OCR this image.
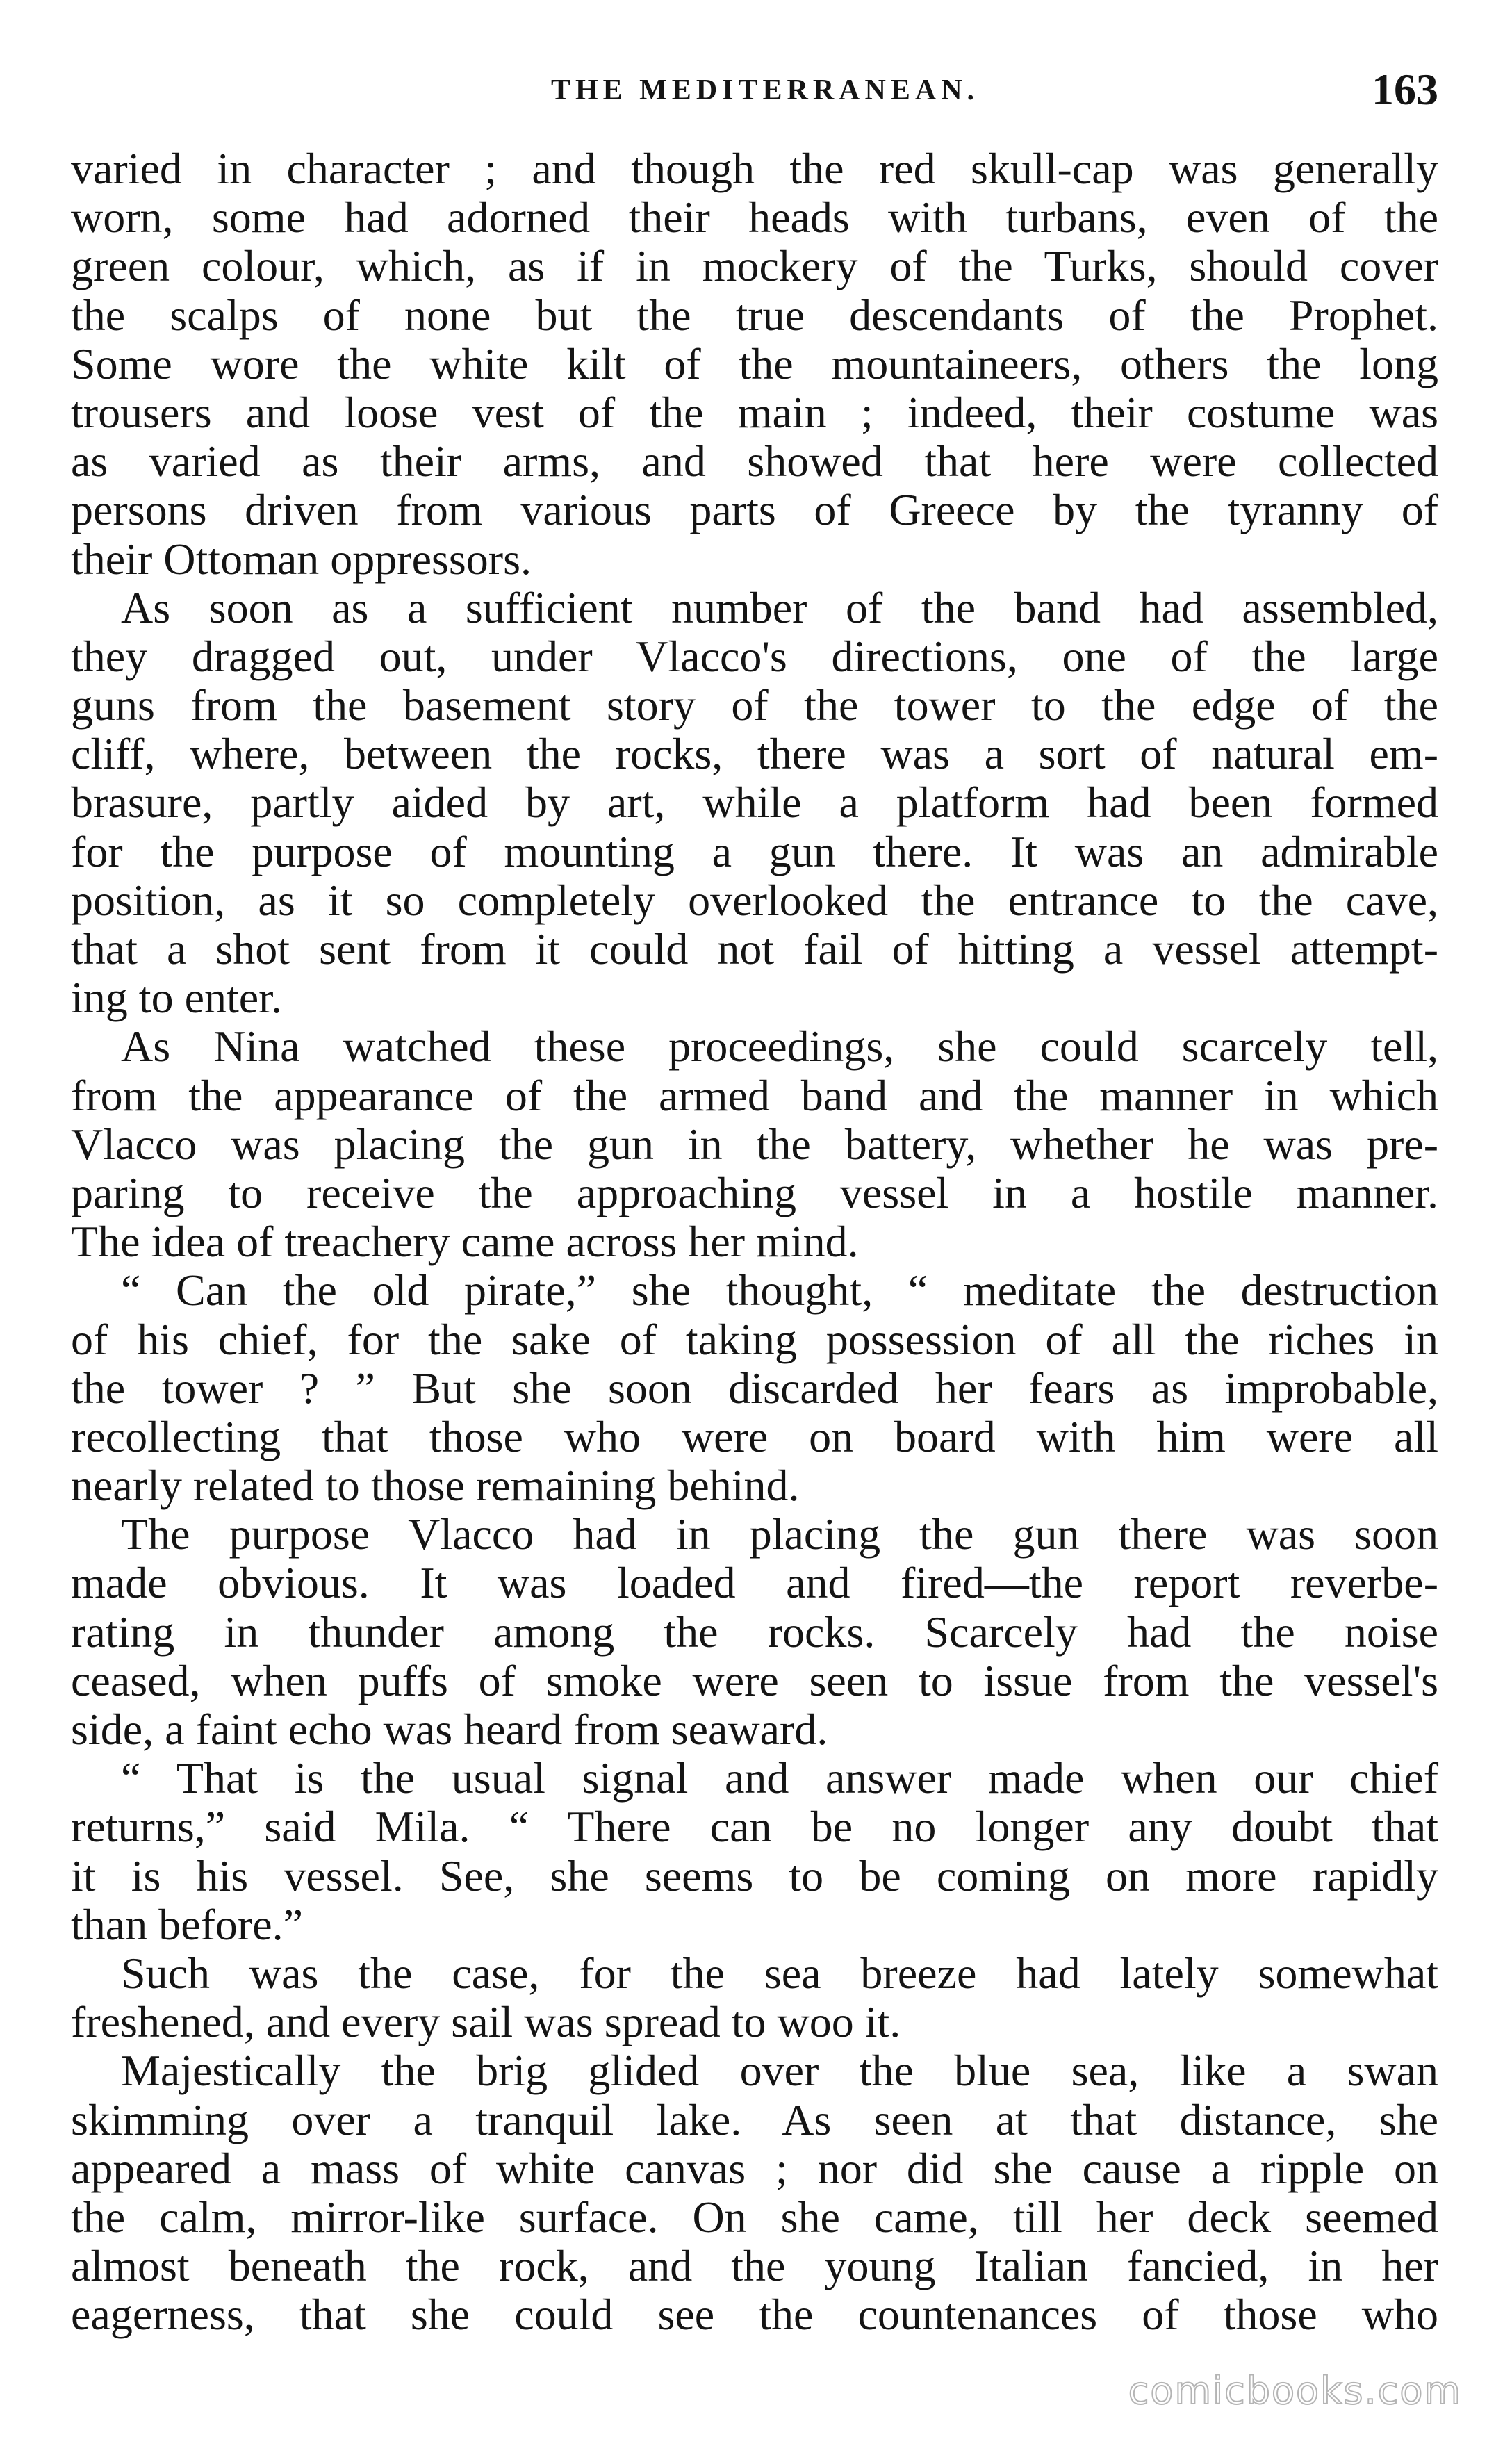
THE MEDITERRANEAN.	163
varied in character ; and though the red skull-cap was generally
worn, some had adorned their heads with turbans, even of the
green colour, which, as if in mockery of the Turks, should cover
the scalps of none but the true descendants of the Prophet.
Some wore the white kilt of the mountaineers, others the long
trousers and loose vest of the main ; indeed, their costume was
as varied as their arms, and showed that here were collected
persons driven from various parts of Greece by the tyranny of
their Ottoman oppressors.
As soon as a sufficient number of the band had assembled,
they dragged out, under Vlacco's directions, one of the large
guns from the basement story of the tower to the edge of the
cliff, where, between the rocks, there was a sort of natural em-
brasure, partly aided by art, while a platform had been formed
for the purpose of mounting a gun there. It was an admirable
position, as it so completely overlooked the entrance to the cave,
that a shot sent from it could not fail of hitting a vessel attempt-
ing to enter.
As Nina watched these proceedings, she could scarcely tell,
from the appearance of the armed band and the manner in which
Vlacco was placing the gun in the battery, whether he was pre-
paring to receive the approaching vessel in a hostile manner.
The idea of treachery came across her mind.
“ Can the old pirate,” she thought, “ meditate the destruction
of his chief, for the sake of taking possession of all the riches in
the tower ? ” But she soon discarded her fears as improbable,
recollecting that those who were on board with him were all
nearly related to those remaining behind.
The purpose Vlacco had in placing the gun there was soon
made obvious. It was loaded and fired—the report reverbe-
rating in thunder among the rocks. Scarcely had the noise
ceased, when puffs of smoke were seen to issue from the vessel's
side, a faint echo was heard from seaward.
“ That is the usual signal and answer made when our chief
returns,” said Mila. “ There can be no longer any doubt that
it is his vessel. See, she seems to be coming on more rapidly
than before.”
Such was the case, for the sea breeze had lately somewhat
freshened, and every sail was spread to woo it.
Majestically the brig glided over the blue sea, like a swan
skimming over a tranquil lake. As seen at that distance, she
appeared a mass of white canvas ; nor did she cause a ripple on
the calm, mirror-like surface. On she came, till her deck seemed
almost beneath the rock, and the young Italian fancied, in her
eagerness, that she could see the countenances of those who
comicbooks.com
